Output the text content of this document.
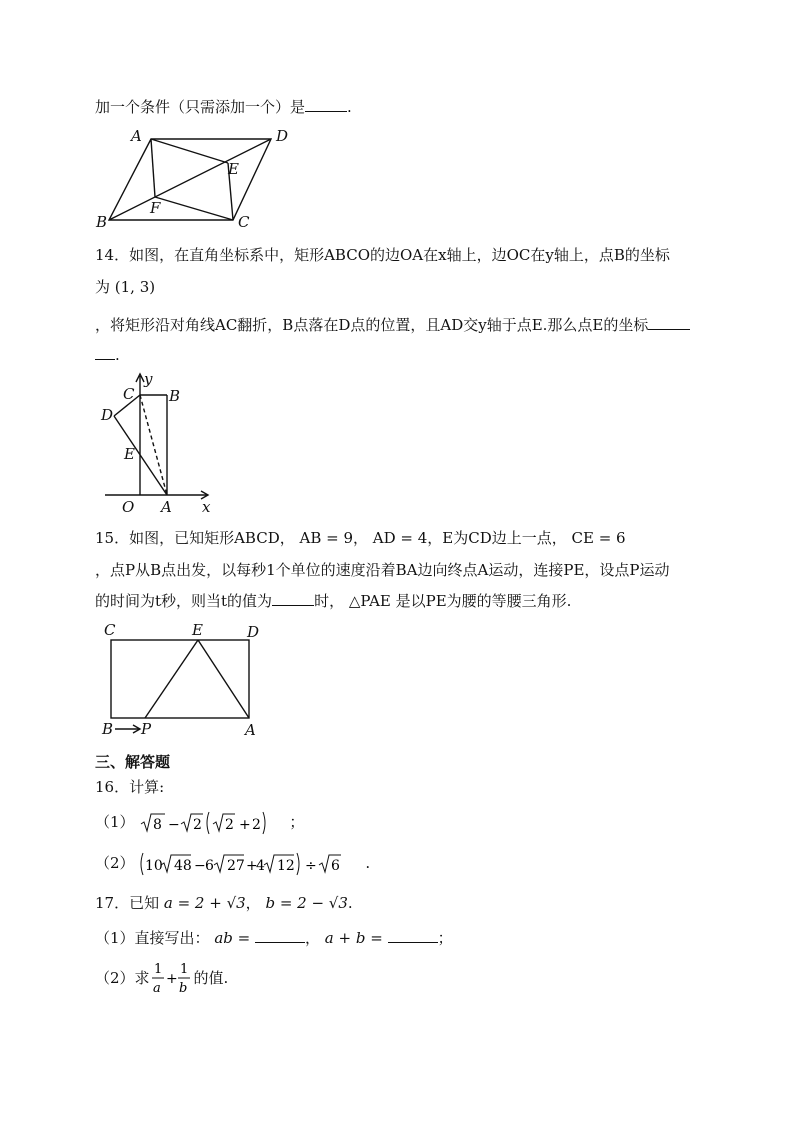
加一个条件（只需添加一个）是	.
A	D
E
F
B	C
14．如图，在直角坐标系中，矩形ABCO的边OA在x轴上，边OC在y轴上，点B的坐标
为 (1, 3)
，将矩形沿对角线AC翻折，B点落在D点的位置，且AD交y轴于点E.那么点E的坐标
.
C
y
B
D
E
O A x
15．如图，已知矩形ABCD， AB = 9， AD = 4，E为CD边上一点， CE = 6
，点P从B点出发，以每秒1个单位的速度沿着BA边向终点A运动，连接PE，设点P运动
的时间为t秒，则当t的值为	时， △PAE 是以PE为腰的等腰三角形.
C	E	D
B P	A
三、解答题
16．计算:
（1） 8 − 2 2 + 2 ；
（2） 10 48 − 6 27 +
4 12 ÷ 6 .
17．已知 a = 2 + √3， b = 2 − √3.
（1）直接写出： ab =	， a + b =	；
（2）求 1
a
+
1
b
的值.
